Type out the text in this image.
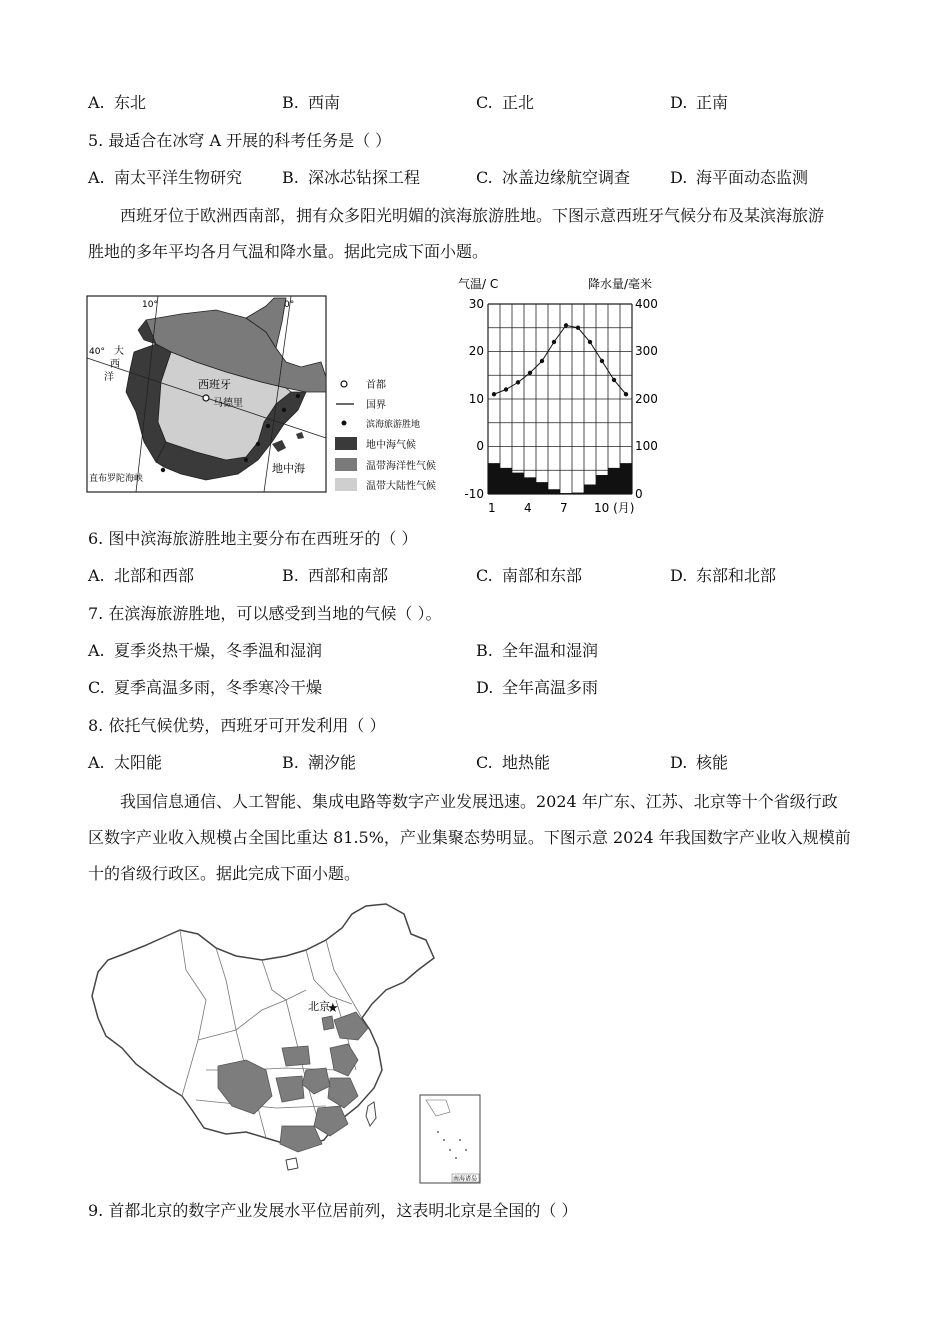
A. 东北	B. 西南	C. 正北	D. 正南
5. 最适合在冰穹 A 开展的科考任务是（ ）
A. 南太平洋生物研究 B. 深冰芯钻探工程	C. 冰盖边缘航空调查 D. 海平面动态监测
西班牙位于欧洲西南部，拥有众多阳光明媚的滨海旅游胜地。下图示意西班牙气候分布及某滨海旅游
胜地的多年平均各月气温和降水量。据此完成下面小题。
10°	0°
40° 大
西
洋
西班牙
马德里
地中海
直布罗陀海峡
首都
国界
滨海旅游胜地
地中海气候
温带海洋性气候
温带大陆性气候
气温/ C	降水量/毫米
30
20
10
0
-10
400
300
200
100
0
1 4 7 10 (月)
6. 图中滨海旅游胜地主要分布在西班牙的（ ）
A. 北部和西部	B. 西部和南部	C. 南部和东部	D. 东部和北部
7. 在滨海旅游胜地，可以感受到当地的气候（ ）。
A. 夏季炎热干燥，冬季温和湿润	B. 全年温和湿润
C. 夏季高温多雨，冬季寒冷干燥	D. 全年高温多雨
8. 依托气候优势，西班牙可开发利用（ ）
A. 太阳能	B. 潮汐能	C. 地热能	D. 核能
我国信息通信、人工智能、集成电路等数字产业发展迅速。2024 年广东、江苏、北京等十个省级行政
区数字产业收入规模占全国比重达 81.5%，产业集聚态势明显。下图示意 2024 年我国数字产业收入规模前
十的省级行政区。据此完成下面小题。
北京
★
南海诸岛
9. 首都北京的数字产业发展水平位居前列，这表明北京是全国的（ ）
